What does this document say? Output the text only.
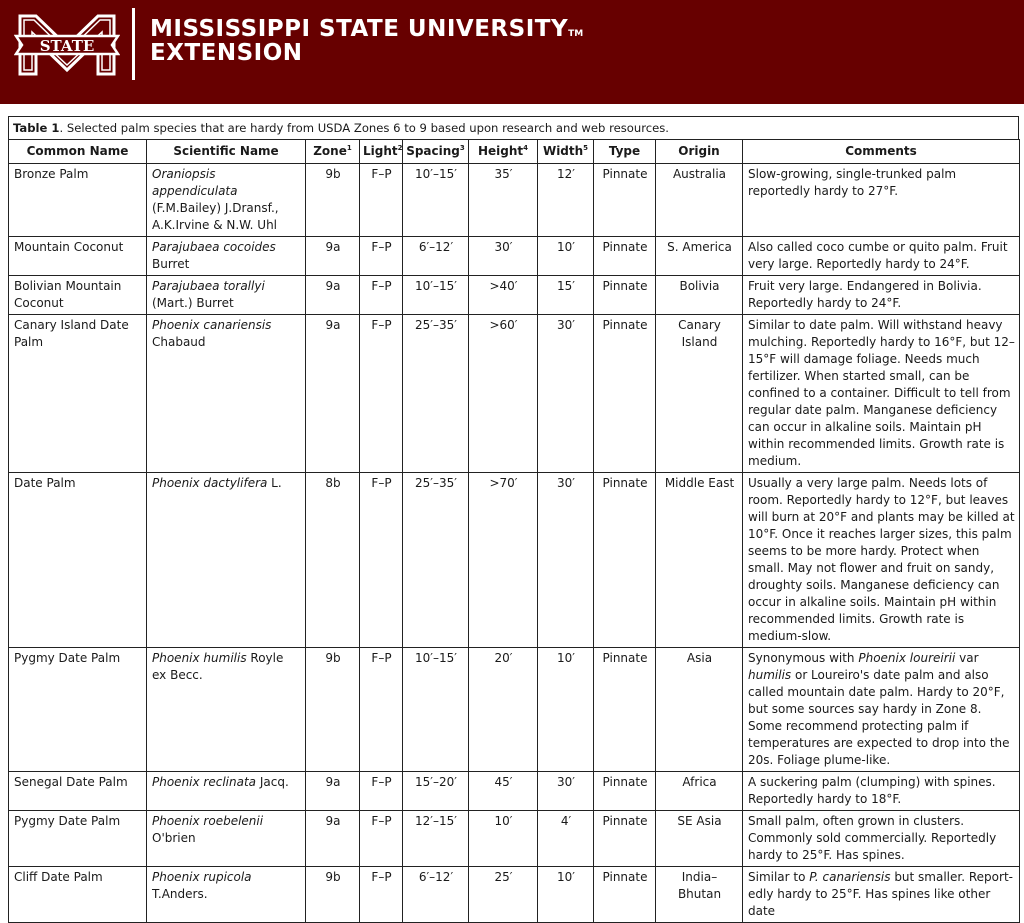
STATE
MISSISSIPPI STATE UNIVERSITYTM
EXTENSION
Table 1. Selected palm species that are hardy from USDA Zones 6 to 9 based upon research and web resources.
Common Name	Scientific Name	Zone$^1$	Light$^2$	Spacing$^3$	Height$^4$	Width$^5$	Type	Origin	Comments
Bronze Palm	Oraniopsis appendiculata (F.M.Bailey) J.Dransf., A.K.Irvine & N.W. Uhl	9b	F–P	10′–15′	35′	12′	Pinnate	Australia	Slow-growing, single-trunked palm reportedly hardy to 27°F.
Mountain Coconut	Parajubaea cocoides Burret	9a	F–P	6′–12′	30′	10′	Pinnate	S. America	Also called coco cumbe or quito palm. Fruit very large. Reportedly hardy to 24°F.
Bolivian Mountain Coconut	Parajubaea torallyi (Mart.) Burret	9a	F–P	10′–15′	>40′	15′	Pinnate	Bolivia	Fruit very large. Endangered in Bolivia. Reportedly hardy to 24°F.
Canary Island Date Palm	Phoenix canariensis Chabaud	9a	F–P	25′–35′	>60′	30′	Pinnate	Canary Island	Similar to date palm. Will withstand heavy mulching. Reportedly hardy to 16°F, but 12–15°F will damage foliage. Needs much fertilizer. When started small, can be confined to a container. Difficult to tell from regular date palm. Manganese deficiency can occur in alkaline soils. Maintain pH within recommended limits. Growth rate is medium.
Date Palm	Phoenix dactylifera L.	8b	F–P	25′–35′	>70′	30′	Pinnate	Middle East	Usually a very large palm. Needs lots of room. Reportedly hardy to 12°F, but leaves will burn at 20°F and plants may be killed at 10°F. Once it reaches larger sizes, this palm seems to be more hardy. Protect when small. May not flower and fruit on sandy, droughty soils. Manganese deficiency can occur in alkaline soils. Maintain pH within recommended limits. Growth rate is medium-slow.
Pygmy Date Palm	Phoenix humilis Royle ex Becc.	9b	F–P	10′–15′	20′	10′	Pinnate	Asia	Synonymous with Phoenix loureirii var humilis or Loureiro's date palm and also called mountain date palm. Hardy to 20°F, but some sources say hardy in Zone 8. Some recommend protecting palm if temperatures are expected to drop into the 20s. Foliage plume-like.
Senegal Date Palm	Phoenix reclinata Jacq.	9a	F–P	15′–20′	45′	30′	Pinnate	Africa	A suckering palm (clumping) with spines. Reportedly hardy to 18°F.
Pygmy Date Palm	Phoenix roebelenii O'brien	9a	F–P	12′–15′	10′	4′	Pinnate	SE Asia	Small palm, often grown in clusters. Commonly sold commercially. Reportedly hardy to 25°F. Has spines.
Cliff Date Palm	Phoenix rupicola T.Anders.	9b	F–P	6′–12′	25′	10′	Pinnate	India–Bhutan	Similar to P. canariensis but smaller. Reportedly hardy to 25°F. Has spines like other date
